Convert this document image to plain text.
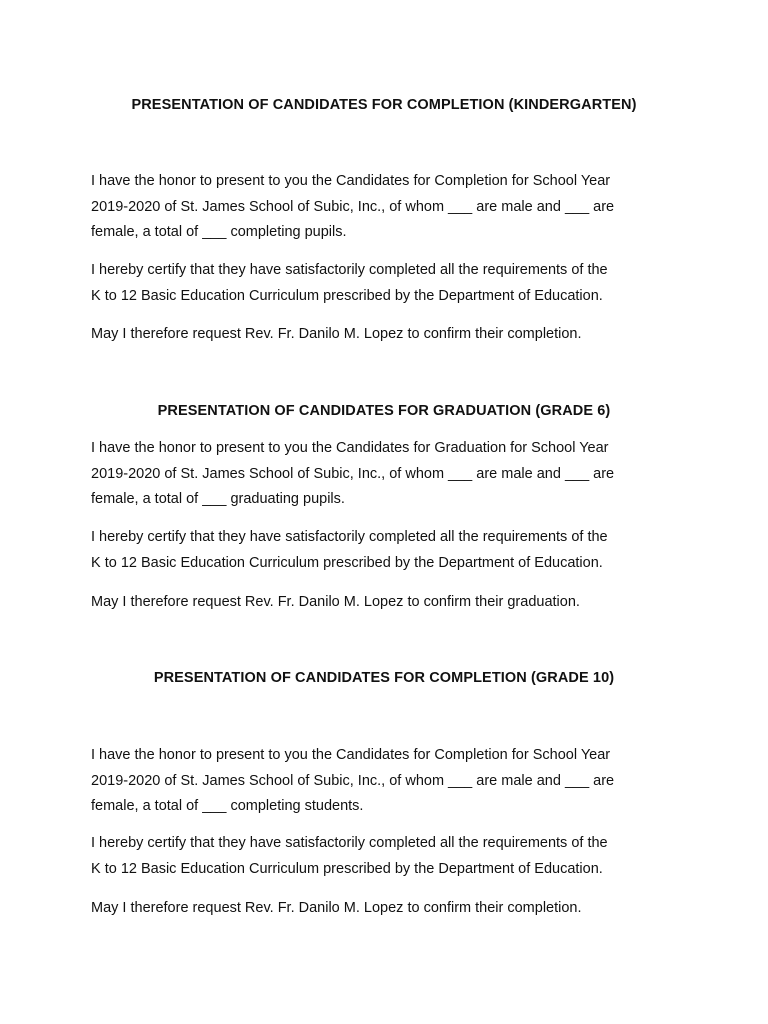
PRESENTATION OF CANDIDATES FOR COMPLETION (KINDERGARTEN)
I have the honor to present to you the Candidates for Completion for School Year
2019-2020 of St. James School of Subic, Inc., of whom ___ are male and ___ are
female, a total of ___ completing pupils.
I hereby certify that they have satisfactorily completed all the requirements of the
K to 12 Basic Education Curriculum prescribed by the Department of Education.
May I therefore request Rev. Fr. Danilo M. Lopez to confirm their completion.
PRESENTATION OF CANDIDATES FOR GRADUATION (GRADE 6)
I have the honor to present to you the Candidates for Graduation for School Year
2019-2020 of St. James School of Subic, Inc., of whom ___ are male and ___ are
female, a total of ___ graduating pupils.
I hereby certify that they have satisfactorily completed all the requirements of the
K to 12 Basic Education Curriculum prescribed by the Department of Education.
May I therefore request Rev. Fr. Danilo M. Lopez to confirm their graduation.
PRESENTATION OF CANDIDATES FOR COMPLETION (GRADE 10)
I have the honor to present to you the Candidates for Completion for School Year
2019-2020 of St. James School of Subic, Inc., of whom ___ are male and ___ are
female, a total of ___ completing students.
I hereby certify that they have satisfactorily completed all the requirements of the
K to 12 Basic Education Curriculum prescribed by the Department of Education.
May I therefore request Rev. Fr. Danilo M. Lopez to confirm their completion.
